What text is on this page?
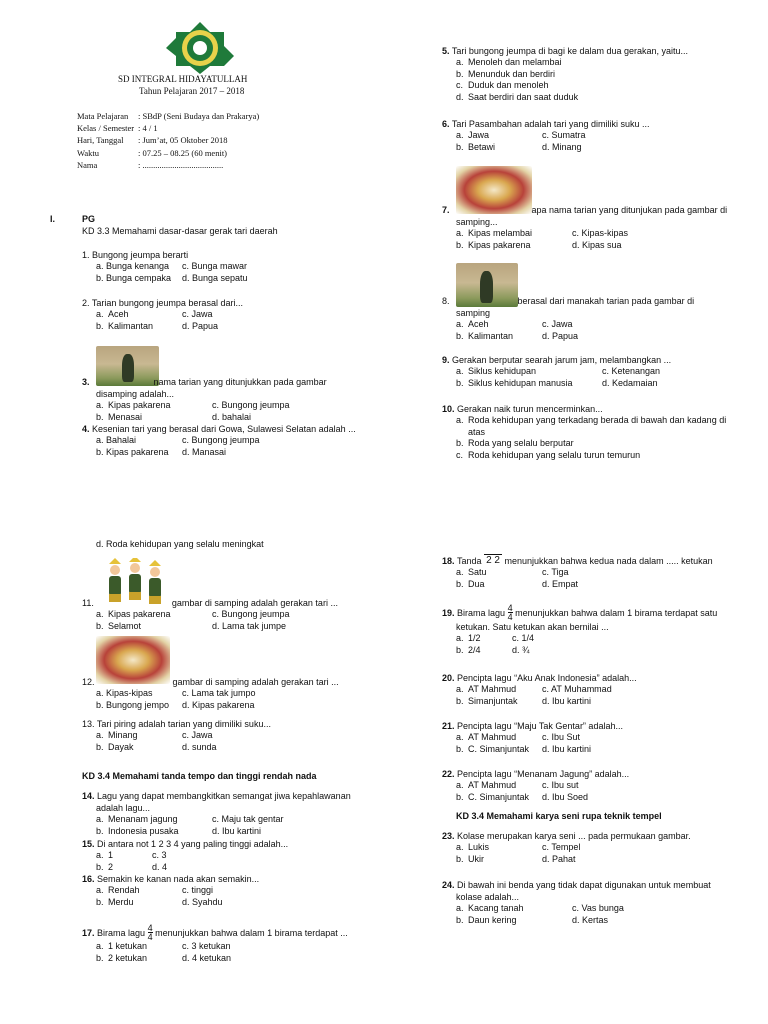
SD INTEGRAL HIDAYATULLAH
Tahun Pelajaran 2017 – 2018
Mata Pelajaran	: SBdP (Seni Budaya dan Prakarya)
Kelas / Semester : 4 / 1
Hari, Tanggal	: Jum’at, 05 Oktober 2018
Waktu	: 07.25 – 08.25 (60 menit)
Nama	: ......................................
I.	PG
KD 3.3 Memahami dasar-dasar gerak tari daerah
1. Bungong jeumpa berarti
a. Bunga kenanga	c. Bunga mawar
b. Bunga cempaka	d. Bunga sepatu
2. Tarian bungong jeumpa berasal dari...
a. Aceh	c. Jawa
b. Kalimantan	d. Papua
3.	nama tarian yang ditunjukkan pada gambar
disamping adalah...
a. Kipas pakarena	c. Bungong jeumpa
b. Menasai	d. bahalai
4. Kesenian tari yang berasal dari Gowa, Sulawesi Selatan adalah ...
a. Bahalai	c. Bungong jeumpa
b. Kipas pakarena	d. Manasai
d. Roda kehidupan yang selalu meningkat
11.	gambar di samping adalah gerakan tari ...
a. Kipas pakarena	c. Bungong jeumpa
b. Selamot	d. Lama tak jumpe
12.	gambar di samping adalah gerakan tari ...
a. Kipas-kipas	c. Lama tak jumpo
b. Bungong jempo	d. Kipas pakarena
13. Tari piring adalah tarian yang dimiliki suku...
a. Minang	c. Jawa
b. Dayak	d. sunda
KD 3.4 Memahami tanda tempo dan tinggi rendah nada
14. Lagu yang dapat membangkitkan semangat jiwa kepahlawanan
adalah lagu...
a. Menanam jagung	c. Maju tak gentar
b. Indonesia pusaka	d. Ibu kartini
15. Di antara not 1 2 3 4 yang paling tinggi adalah...
a. 1	c. 3
b. 2	d. 4
16. Semakin ke kanan nada akan semakin...
a. Rendah	c. tinggi
b. Merdu	d. Syahdu
17.
Birama lagu
$\frac{4}{4}$
menunjukkan bahwa dalam 1 birama terdapat ...
a. 1 ketukan	c. 3 ketukan
b. 2 ketukan	d. 4 ketukan
5. Tari bungong jeumpa di bagi ke dalam dua gerakan, yaitu...
a. Menoleh dan melambai
b. Menunduk dan berdiri
c. Duduk dan menoleh
d. Saat berdiri dan saat duduk
6. Tari Pasambahan adalah tari yang dimiliki suku ...
a. Jawa	c. Sumatra
b. Betawi	d. Minang
7.	apa nama tarian yang ditunjukan pada gambar di
samping...
a. Kipas melambai	c. Kipas-kipas
b. Kipas pakarena	d. Kipas sua
8.	berasal dari manakah tarian pada gambar di
samping
a. Aceh	c. Jawa
b. Kalimantan	d. Papua
9. Gerakan berputar searah jarum jam, melambangkan ...
a. Siklus kehidupan	c. Ketenangan
b. Siklus kehidupan manusia	d. Kedamaian
10. Gerakan naik turun mencerminkan...
a. Roda kehidupan yang terkadang berada di bawah dan kadang di
atas
b. Roda yang selalu berputar
c. Roda kehidupan yang selalu turun temurun
18.
Tanda
2 2
menunjukkan bahwa kedua nada dalam ..... ketukan
a. Satu	c. Tiga
b. Dua	d. Empat
19.
Birama lagu
$\frac{4}{4}$
menunjukkan bahwa dalam 1 birama terdapat satu
ketukan. Satu ketukan akan bernilai ...
a. 1/2	c. 1/4
b. 2/4	d. ¾
20. Pencipta lagu “Aku Anak Indonesia” adalah...
a. AT Mahmud	c. AT Muhammad
b. Simanjuntak	d. Ibu kartini
21. Pencipta lagu “Maju Tak Gentar” adalah...
a. AT Mahmud	c. Ibu Sut
b. C. Simanjuntak	d. Ibu kartini
22. Pencipta lagu “Menanam Jagung” adalah...
a. AT Mahmud	c. Ibu sut
b. C. Simanjuntak	d. Ibu Soed
KD 3.4 Memahami karya seni rupa teknik tempel
23. Kolase merupakan karya seni ... pada permukaan gambar.
a. Lukis	c. Tempel
b. Ukir	d. Pahat
24. Di bawah ini benda yang tidak dapat digunakan untuk membuat
kolase adalah...
a. Kacang tanah	c. Vas bunga
b. Daun kering	d. Kertas
